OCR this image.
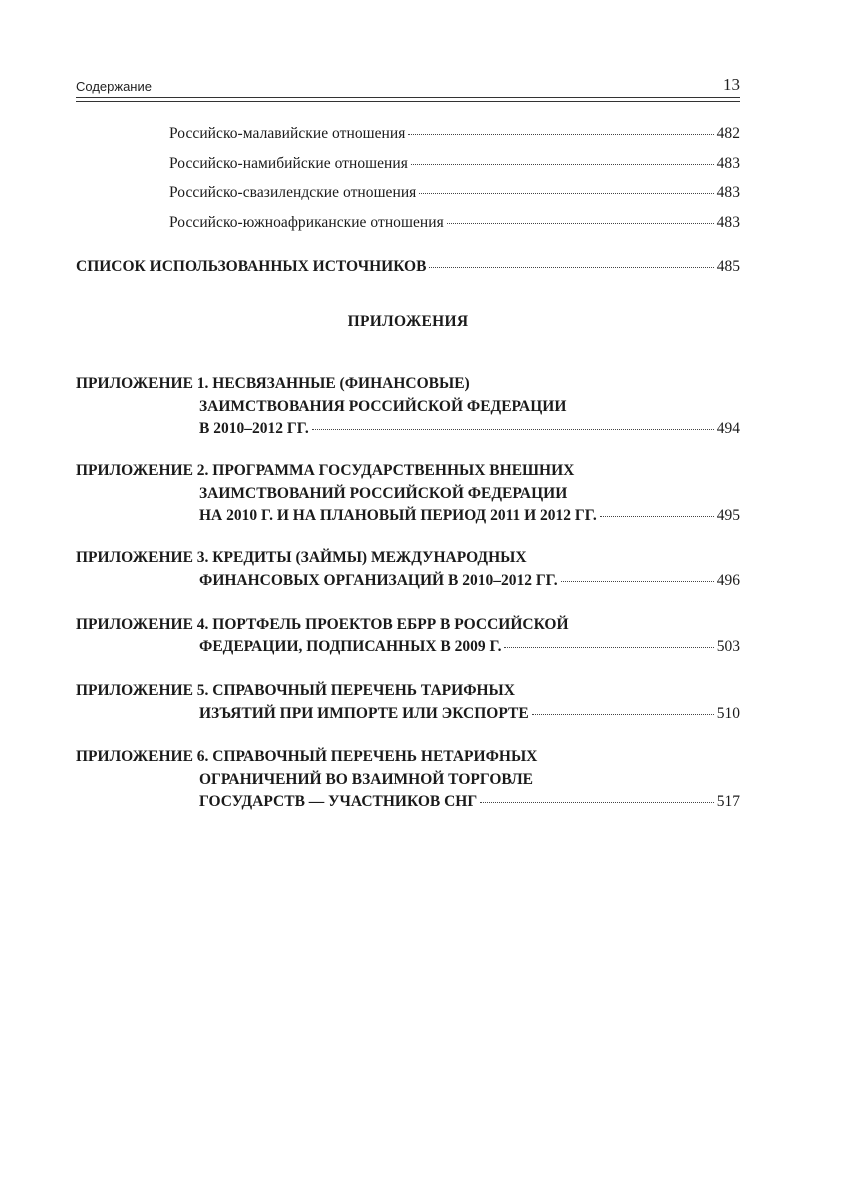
Содержание	13
Российско-малавийские отношения	482
Российско-намибийские отношения	483
Российско-свазилендские отношения	483
Российско-южноафриканские отношения	483
СПИСОК ИСПОЛЬЗОВАННЫХ ИСТОЧНИКОВ	485
ПРИЛОЖЕНИЯ
ПРИЛОЖЕНИЕ 1. НЕСВЯЗАННЫЕ (ФИНАНСОВЫЕ)
ЗАИМСТВОВАНИЯ РОССИЙСКОЙ ФЕДЕРАЦИИ
В 2010–2012 ГГ.	494
ПРИЛОЖЕНИЕ 2. ПРОГРАММА ГОСУДАРСТВЕННЫХ ВНЕШНИХ
ЗАИМСТВОВАНИЙ РОССИЙСКОЙ ФЕДЕРАЦИИ
НА 2010 Г. И НА ПЛАНОВЫЙ ПЕРИОД 2011 И 2012 ГГ.	495
ПРИЛОЖЕНИЕ 3. КРЕДИТЫ (ЗАЙМЫ) МЕЖДУНАРОДНЫХ
ФИНАНСОВЫХ ОРГАНИЗАЦИЙ В 2010–2012 ГГ.	496
ПРИЛОЖЕНИЕ 4. ПОРТФЕЛЬ ПРОЕКТОВ ЕБРР В РОССИЙСКОЙ
ФЕДЕРАЦИИ, ПОДПИСАННЫХ В 2009 Г.	503
ПРИЛОЖЕНИЕ 5. СПРАВОЧНЫЙ ПЕРЕЧЕНЬ ТАРИФНЫХ
ИЗЪЯТИЙ ПРИ ИМПОРТЕ ИЛИ ЭКСПОРТЕ	510
ПРИЛОЖЕНИЕ 6. СПРАВОЧНЫЙ ПЕРЕЧЕНЬ НЕТАРИФНЫХ
ОГРАНИЧЕНИЙ ВО ВЗАИМНОЙ ТОРГОВЛЕ
ГОСУДАРСТВ — УЧАСТНИКОВ СНГ	517
